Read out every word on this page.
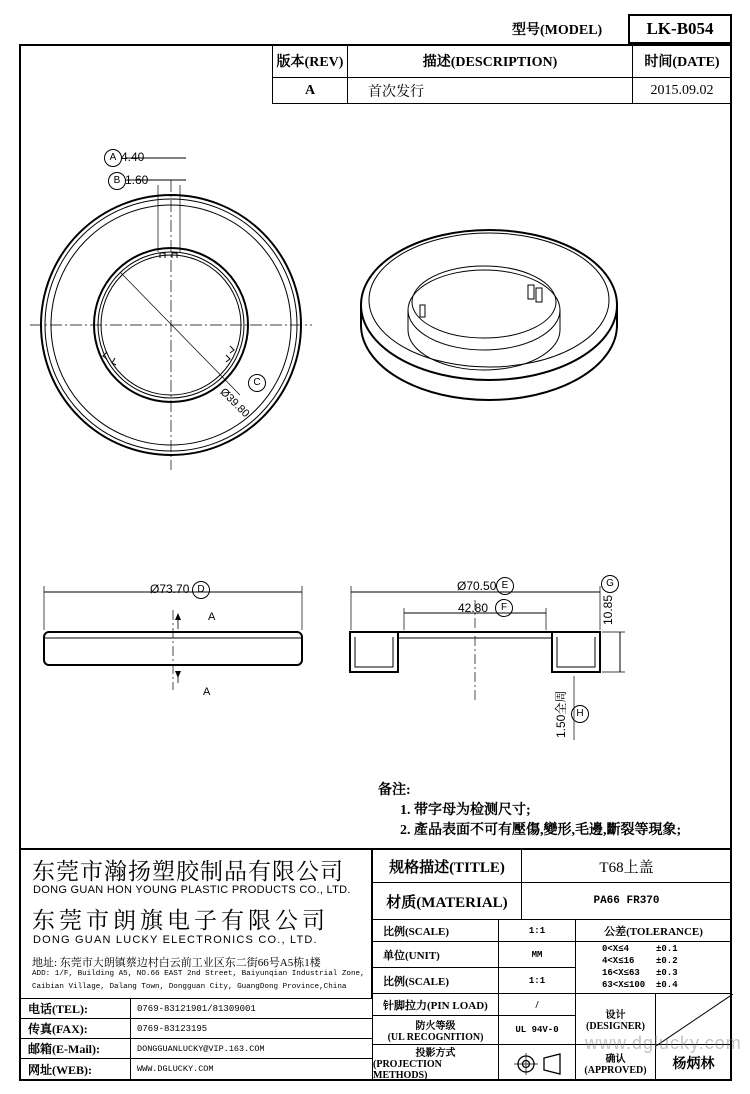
型号(MODEL)	LK-B054
版本(REV)	描述(DESCRIPTION)	时间(DATE)
A	首次发行	2015.09.02
A 4.40
B 1.60
C
Ø39.80
Ø73.70 D
A
A
Ø70.50 E
42.80	F
G
10.85
1.50全周 H
备注:
1. 带字母为检测尺寸;
2. 產品表面不可有壓傷,變形,毛邊,斷裂等現象;
东莞市瀚扬塑胶制品有限公司
DONG GUAN HON YOUNG PLASTIC PRODUCTS CO., LTD.
东莞市朗旗电子有限公司
DONG GUAN LUCKY ELECTRONICS CO., LTD.
地址: 东莞市大朗镇蔡边村白云前工业区东二街66号A5栋1楼
ADD: 1/F, Building A5, NO.66 EAST 2nd Street, Baiyunqian Industrial Zone,
Caibian Village, Dalang Town, Dongguan City, GuangDong Province,China
电话(TEL):	0769-83121901/81309001
传真(FAX):	0769-83123195
邮箱(E-Mail):	DONGGUANLUCKY@VIP.163.COM
网址(WEB):	WWW.DGLUCKY.COM
规格描述(TITLE)	T68上盖
材质(MATERIAL)	PA66 FR370
比例(SCALE)	1:1	公差(TOLERANCE)
单位(UNIT)	MM
比例(SCALE)	1:1
0<X≤4	±0.1
4<X≤16 ±0.2
16<X≤63 ±0.3
63<X≤100 ±0.4
针脚拉力(PIN LOAD)	/
防火等级
(UL RECOGNITION)
UL 94V-0
设计
(DESIGNER)
投影方式
(PROJECTION METHODS)
确认
(APPROVED)	杨炳林
www.dglucky.com
